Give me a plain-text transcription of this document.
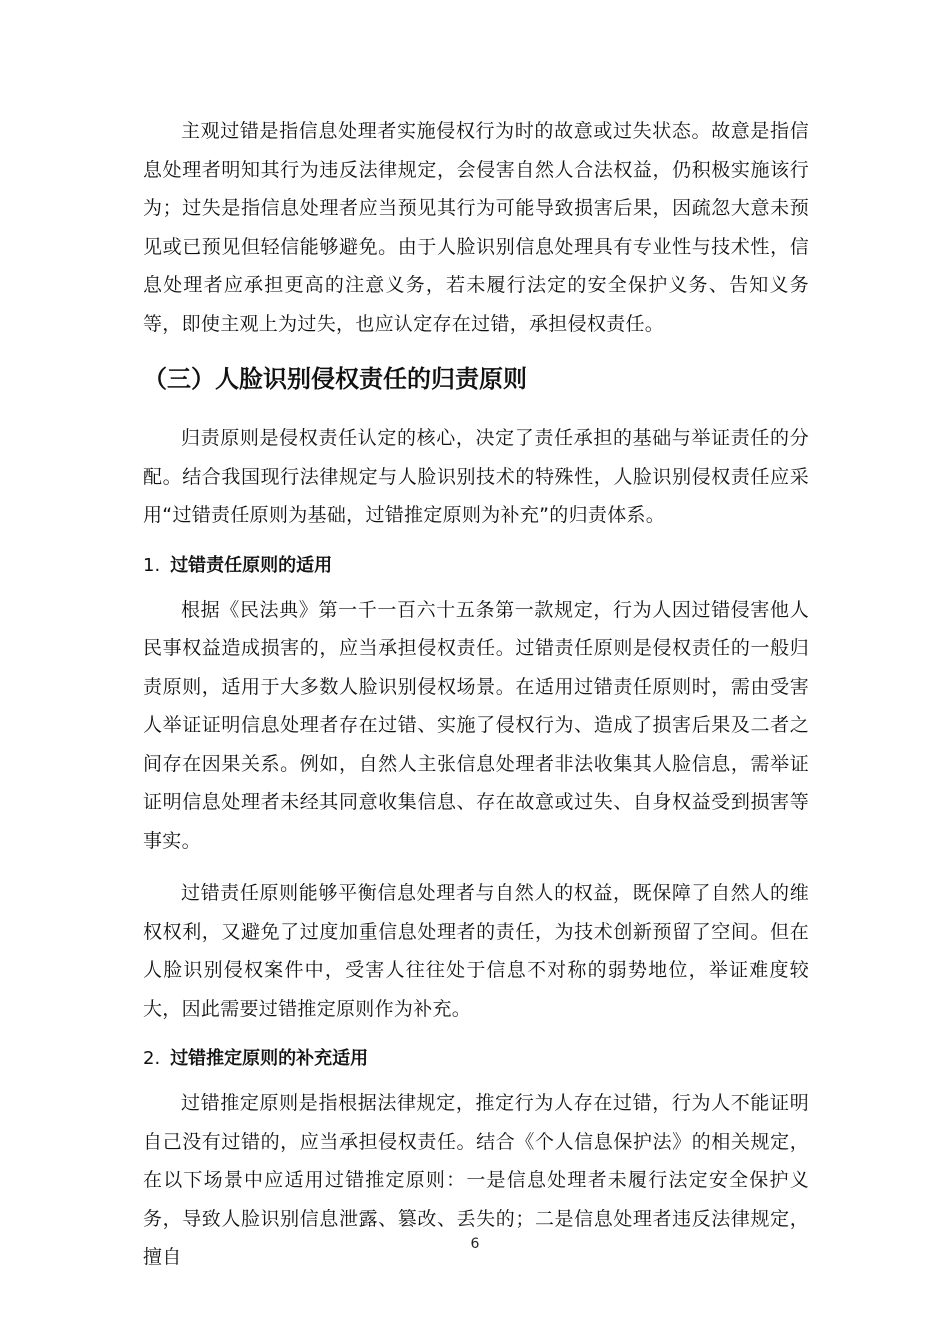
主观过错是指信息处理者实施侵权行为时的故意或过失状态。故意是指信息处理者明知其行为违反法律规定，会侵害自然人合法权益，仍积极实施该行为；过失是指信息处理者应当预见其行为可能导致损害后果，因疏忽大意未预见或已预见但轻信能够避免。由于人脸识别信息处理具有专业性与技术性，信息处理者应承担更高的注意义务，若未履行法定的安全保护义务、告知义务等，即使主观上为过失，也应认定存在过错，承担侵权责任。

（三）人脸识别侵权责任的归责原则

归责原则是侵权责任认定的核心，决定了责任承担的基础与举证责任的分配。结合我国现行法律规定与人脸识别技术的特殊性，人脸识别侵权责任应采用“过错责任原则为基础，过错推定原则为补充”的归责体系。

1. 过错责任原则的适用

根据《民法典》第一千一百六十五条第一款规定，行为人因过错侵害他人民事权益造成损害的，应当承担侵权责任。过错责任原则是侵权责任的一般归责原则，适用于大多数人脸识别侵权场景。在适用过错责任原则时，需由受害人举证证明信息处理者存在过错、实施了侵权行为、造成了损害后果及二者之间存在因果关系。例如，自然人主张信息处理者非法收集其人脸信息，需举证证明信息处理者未经其同意收集信息、存在故意或过失、自身权益受到损害等事实。

过错责任原则能够平衡信息处理者与自然人的权益，既保障了自然人的维权权利，又避免了过度加重信息处理者的责任，为技术创新预留了空间。但在人脸识别侵权案件中，受害人往往处于信息不对称的弱势地位，举证难度较大，因此需要过错推定原则作为补充。

2. 过错推定原则的补充适用

过错推定原则是指根据法律规定，推定行为人存在过错，行为人不能证明自己没有过错的，应当承担侵权责任。结合《个人信息保护法》的相关规定，在以下场景中应适用过错推定原则：一是信息处理者未履行法定安全保护义务，导致人脸识别信息泄露、篡改、丢失的；二是信息处理者违反法律规定，擅自

6
